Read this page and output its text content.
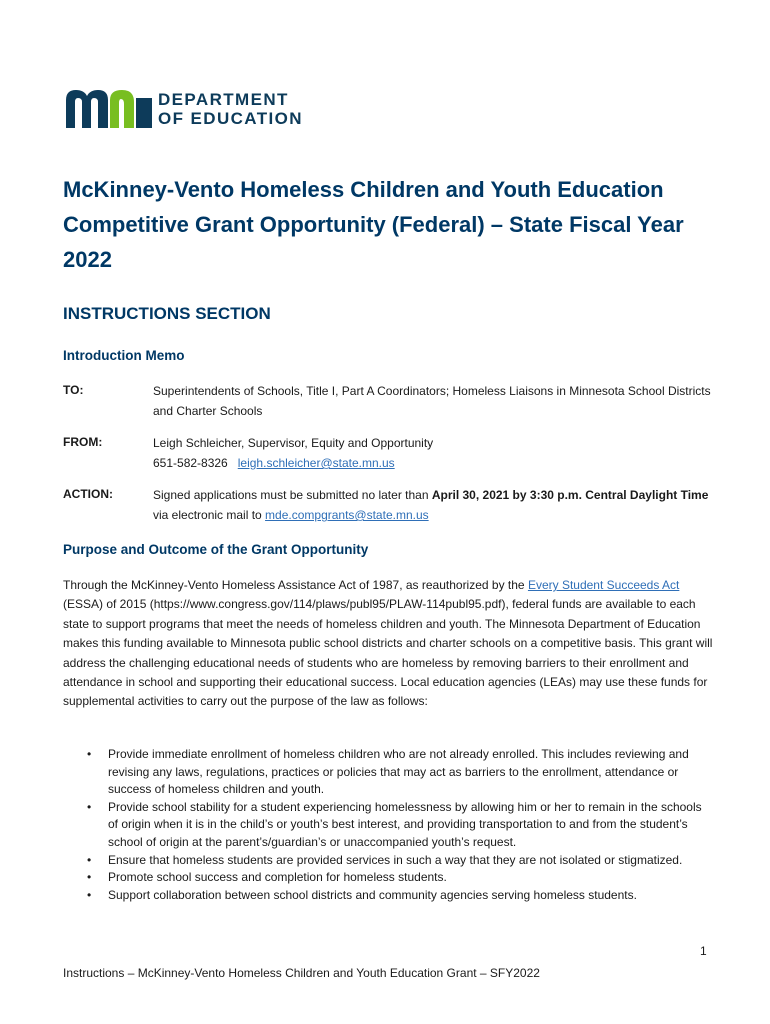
DEPARTMENT
OF EDUCATION
McKinney-Vento Homeless Children and Youth Education Competitive Grant Opportunity (Federal) – State Fiscal Year 2022
INSTRUCTIONS SECTION
Introduction Memo
TO:	Superintendents of Schools, Title I, Part A Coordinators; Homeless Liaisons in Minnesota School Districts and Charter Schools
FROM:	Leigh Schleicher, Supervisor, Equity and Opportunity
651-582-8326 leigh.schleicher@state.mn.us
ACTION:	Signed applications must be submitted no later than April 30, 2021 by 3:30 p.m. Central Daylight Time via electronic mail to mde.compgrants@state.mn.us
Purpose and Outcome of the Grant Opportunity

Through the McKinney-Vento Homeless Assistance Act of 1987, as reauthorized by the Every Student Succeeds Act (ESSA) of 2015 (https://www.congress.gov/114/plaws/publ95/PLAW-114publ95.pdf), federal funds are available to each state to support programs that meet the needs of homeless children and youth. The Minnesota Department of Education makes this funding available to Minnesota public school districts and charter schools on a competitive basis. This grant will address the challenging educational needs of students who are homeless by removing barriers to their enrollment and attendance in school and supporting their educational success. Local education agencies (LEAs) may use these funds for supplemental activities to carry out the purpose of the law as follows:

• Provide immediate enrollment of homeless children who are not already enrolled. This includes reviewing and revising any laws, regulations, practices or policies that may act as barriers to the enrollment, attendance or success of homeless children and youth.
• Provide school stability for a student experiencing homelessness by allowing him or her to remain in the schools of origin when it is in the child’s or youth’s best interest, and providing transportation to and from the student’s school of origin at the parent’s/guardian’s or unaccompanied youth’s request.
• Ensure that homeless students are provided services in such a way that they are not isolated or stigmatized.
• Promote school success and completion for homeless students.
• Support collaboration between school districts and community agencies serving homeless students.
1
Instructions – McKinney-Vento Homeless Children and Youth Education Grant – SFY2022
